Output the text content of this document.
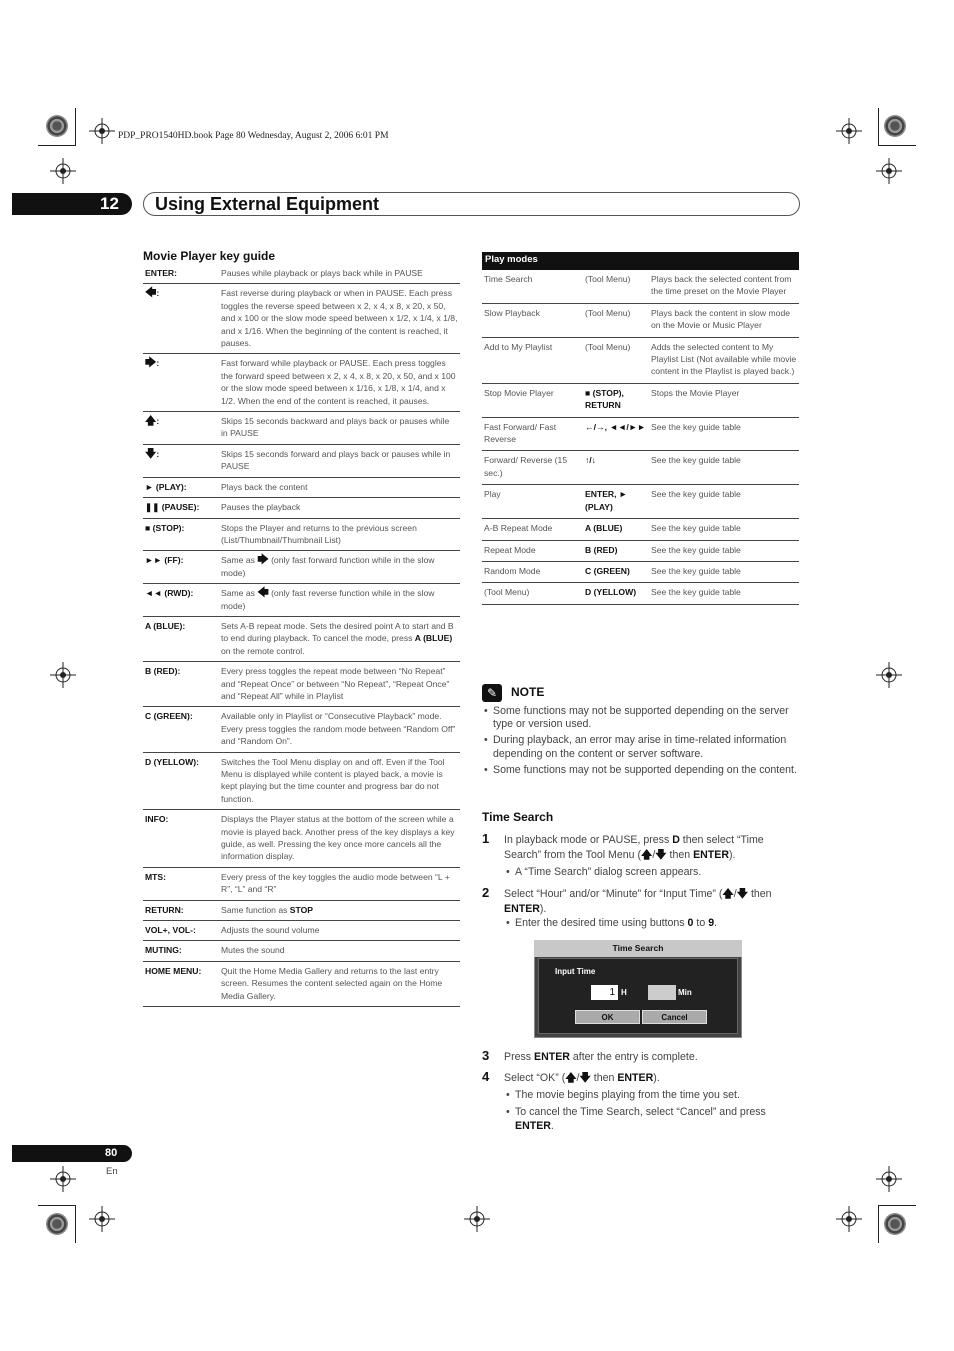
PDP_PRO1540HD.book Page 80 Wednesday, August 2, 2006 6:01 PM
12 Using External Equipment
Movie Player key guide
ENTER:	Pauses while playback or plays back while in PAUSE
🡄:	Fast reverse during playback or when in PAUSE. Each press toggles the reverse speed between x 2, x 4, x 8, x 20, x 50, and x 100 or the slow mode speed between x 1/2, x 1/4, x 1/8, and x 1/16. When the beginning of the content is reached, it pauses.
🡆:	Fast forward while playback or PAUSE. Each press toggles the forward speed between x 2, x 4, x 8, x 20, x 50, and x 100 or the slow mode speed between x 1/16, x 1/8, x 1/4, and x 1/2. When the end of the content is reached, it pauses.
🡅:	Skips 15 seconds backward and plays back or pauses while in PAUSE
🡇:	Skips 15 seconds forward and plays back or pauses while in PAUSE
► (PLAY):	Plays back the content
❚❚ (PAUSE):	Pauses the playback
■ (STOP):	Stops the Player and returns to the previous screen (List/Thumbnail/Thumbnail List)
►► (FF):	Same as 🡆 (only fast forward function while in the slow mode)
◄◄ (RWD):	Same as 🡄 (only fast reverse function while in the slow mode)
A (BLUE):	Sets A-B repeat mode. Sets the desired point A to start and B to end during playback. To cancel the mode, press A (BLUE) on the remote control.
B (RED):	Every press toggles the repeat mode between “No Repeat” and “Repeat Once” or between “No Repeat”, “Repeat Once” and “Repeat All” while in Playlist
C (GREEN):	Available only in Playlist or “Consecutive Playback” mode. Every press toggles the random mode between “Random Off” and “Random On”.
D (YELLOW):	Switches the Tool Menu display on and off. Even if the Tool Menu is displayed while content is played back, a movie is kept playing but the time counter and progress bar do not function.
INFO:	Displays the Player status at the bottom of the screen while a movie is played back. Another press of the key displays a key guide, as well. Pressing the key once more cancels all the information display.
MTS:	Every press of the key toggles the audio mode between “L + R”, “L” and “R”
RETURN:	Same function as STOP
VOL+, VOL-:	Adjusts the sound volume
MUTING:	Mutes the sound
HOME MENU:	Quit the Home Media Gallery and returns to the last entry screen. Resumes the content selected again on the Home Media Gallery.
Play modes
Time Search	(Tool Menu)	Plays back the selected content from the time preset on the Movie Player
Slow Playback	(Tool Menu)	Plays back the content in slow mode on the Movie or Music Player
Add to My Playlist	(Tool Menu)	Adds the selected content to My Playlist List (Not available while movie content in the Playlist is played back.)
Stop Movie Player	■ (STOP), RETURN	Stops the Movie Player
Fast Forward/ Fast Reverse	←/→, ◄◄/►►	See the key guide table
Forward/ Reverse (15 sec.)	↑/↓	See the key guide table
Play	ENTER, ► (PLAY)	See the key guide table
A-B Repeat Mode	A (BLUE)	See the key guide table
Repeat Mode	B (RED)	See the key guide table
Random Mode	C (GREEN)	See the key guide table
(Tool Menu)	D (YELLOW)	See the key guide table
✎	NOTE
• Some functions may not be supported depending on the server type or version used.
• During playback, an error may arise in time-related information depending on the content or server software.
• Some functions may not be supported depending on the content.
Time Search
1 In playback mode or PAUSE, press D then select “Time Search” from the Tool Menu (🡅/🡇 then ENTER).
• A “Time Search” dialog screen appears.
2 Select “Hour” and/or “Minute” for “Input Time” (🡅/🡇 then ENTER).
• Enter the desired time using buttons 0 to 9.
Time Search
Input Time
1 H	Min
OK	Cancel
3 Press ENTER after the entry is complete.
4 Select “OK” (🡅/🡇 then ENTER).
• The movie begins playing from the time you set.
• To cancel the Time Search, select “Cancel” and press ENTER.
80
En
